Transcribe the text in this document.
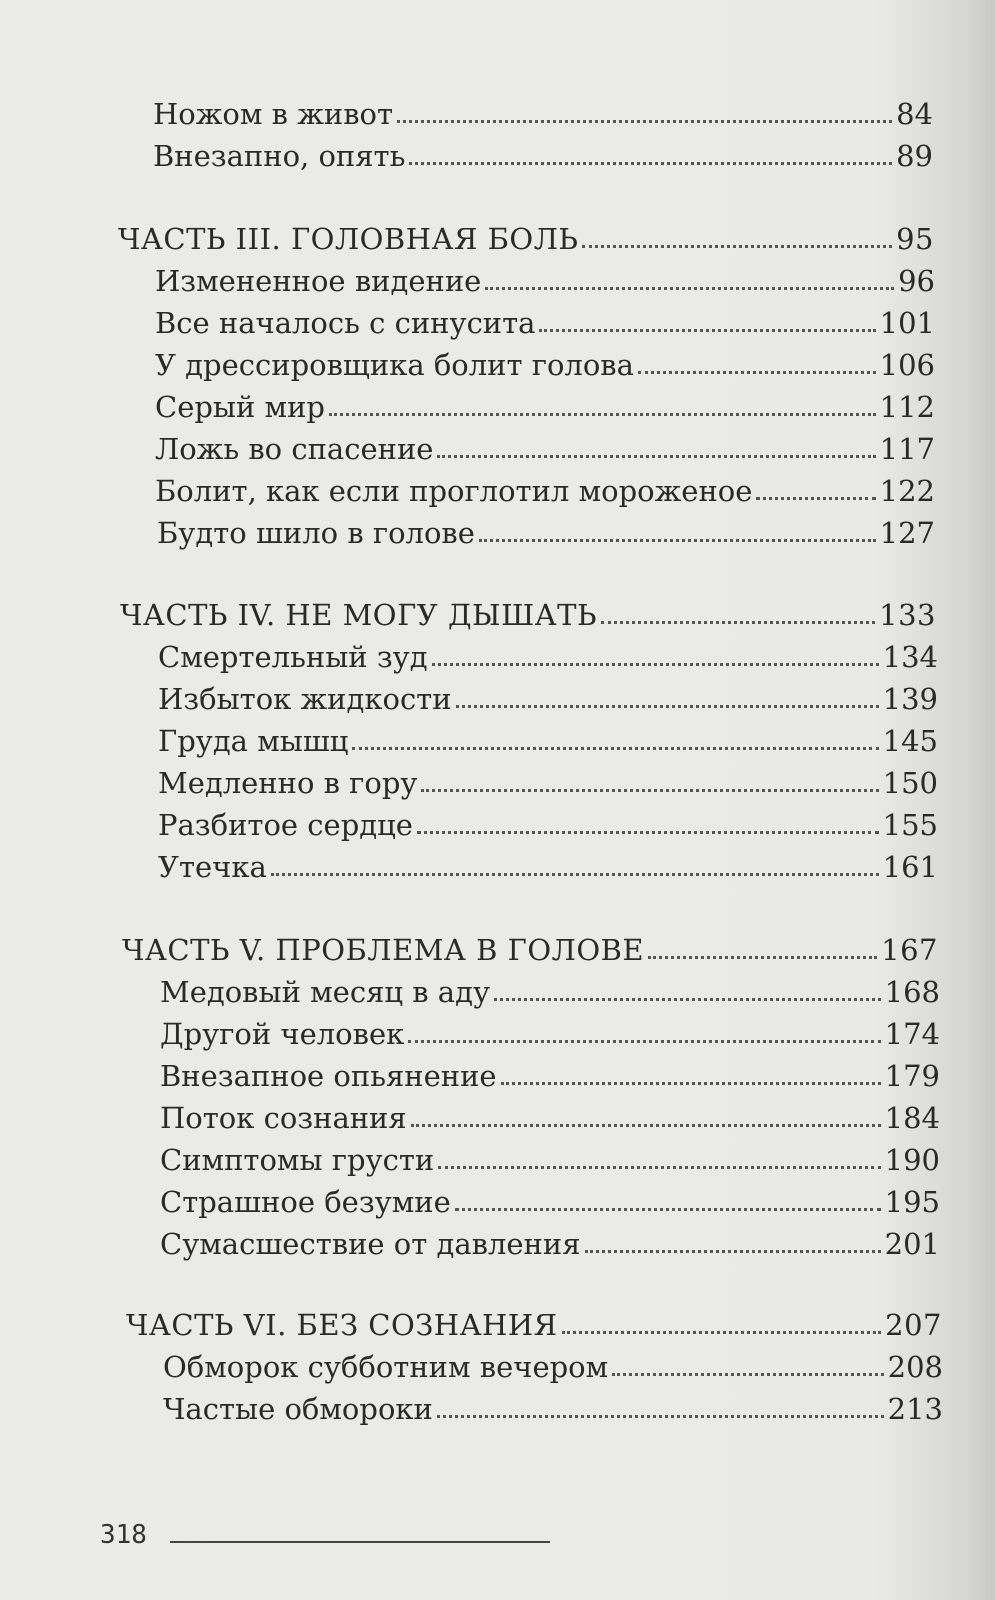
Ножом в живот	84
Внезапно, опять	89
ЧАСТЬ III. ГОЛОВНАЯ БОЛЬ	95
Измененное видение	96
Все началось с синусита	101
У дрессировщика болит голова	106
Серый мир	112
Ложь во спасение	117
Болит, как если проглотил мороженое	122
Будто шило в голове	127
ЧАСТЬ IV. НЕ МОГУ ДЫШАТЬ	133
Смертельный зуд	134
Избыток жидкости	139
Груда мышц	145
Медленно в гору	150
Разбитое сердце	155
Утечка	161
ЧАСТЬ V. ПРОБЛЕМА В ГОЛОВЕ	167
Медовый месяц в аду	168
Другой человек	174
Внезапное опьянение	179
Поток сознания	184
Симптомы грусти	190
Страшное безумие	195
Сумасшествие от давления	201
ЧАСТЬ VI. БЕЗ СОЗНАНИЯ	207
Обморок субботним вечером	208
Частые обмороки	213
318
